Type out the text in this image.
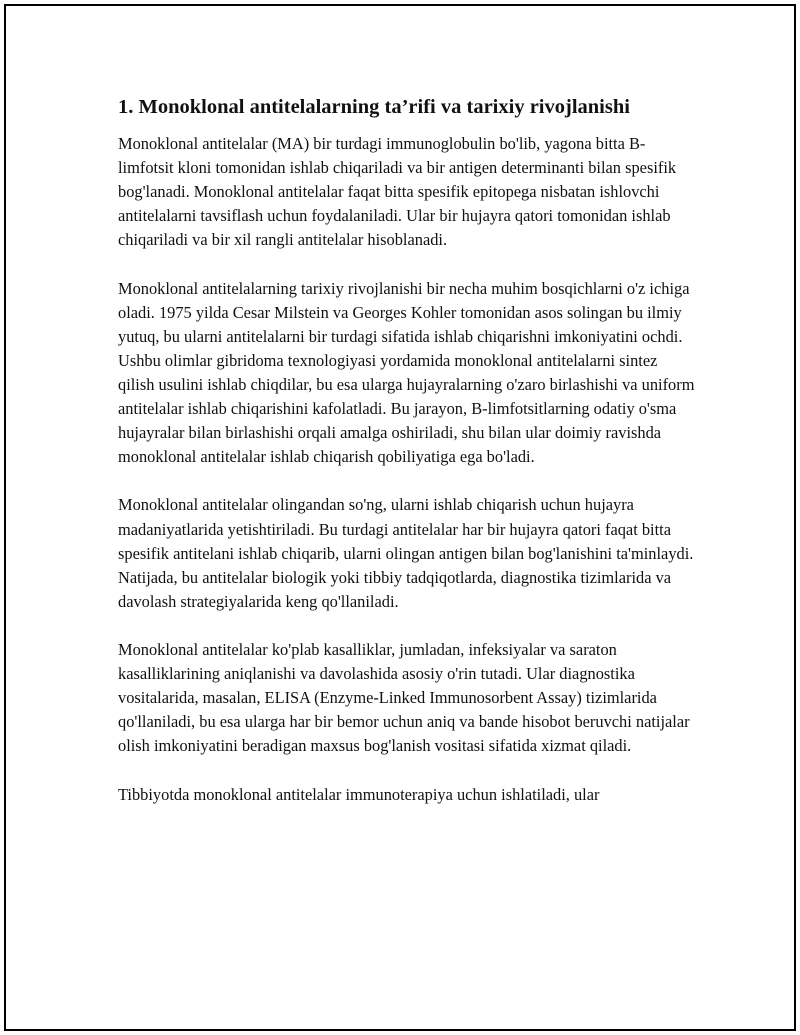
1. Monoklonal antitelalarning ta’rifi va tarixiy rivojlanishi

Monoklonal antitelalar (MA) bir turdagi immunoglobulin bo'lib, yagona bitta B-limfotsit kloni tomonidan ishlab chiqariladi va bir antigen determinanti bilan spesifik bog'lanadi. Monoklonal antitelalar faqat bitta spesifik epitopega nisbatan ishlovchi antitelalarni tavsiflash uchun foydalaniladi. Ular bir hujayra qatori tomonidan ishlab chiqariladi va bir xil rangli antitelalar hisoblanadi.

Monoklonal antitelalarning tarixiy rivojlanishi bir necha muhim bosqichlarni o'z ichiga oladi. 1975 yilda Cesar Milstein va Georges Kohler tomonidan asos solingan bu ilmiy yutuq, bu ularni antitelalarni bir turdagi sifatida ishlab chiqarishni imkoniyatini ochdi. Ushbu olimlar gibridoma texnologiyasi yordamida monoklonal antitelalarni sintez qilish usulini ishlab chiqdilar, bu esa ularga hujayralarning o'zaro birlashishi va uniform antitelalar ishlab chiqarishini kafolatladi. Bu jarayon, B-limfotsitlarning odatiy o'sma hujayralar bilan birlashishi orqali amalga oshiriladi, shu bilan ular doimiy ravishda monoklonal antitelalar ishlab chiqarish qobiliyatiga ega bo'ladi.

Monoklonal antitelalar olingandan so'ng, ularni ishlab chiqarish uchun hujayra madaniyatlarida yetishtiriladi. Bu turdagi antitelalar har bir hujayra qatori faqat bitta spesifik antitelani ishlab chiqarib, ularni olingan antigen bilan bog'lanishini ta'minlaydi. Natijada, bu antitelalar biologik yoki tibbiy tadqiqotlarda, diagnostika tizimlarida va davolash strategiyalarida keng qo'llaniladi.

Monoklonal antitelalar ko'plab kasalliklar, jumladan, infeksiyalar va saraton kasalliklarining aniqlanishi va davolashida asosiy o'rin tutadi. Ular diagnostika vositalarida, masalan, ELISA (Enzyme-Linked Immunosorbent Assay) tizimlarida qo'llaniladi, bu esa ularga har bir bemor uchun aniq va bande hisobot beruvchi natijalar olish imkoniyatini beradigan maxsus bog'lanish vositasi sifatida xizmat qiladi.

Tibbiyotda monoklonal antitelalar immunoterapiya uchun ishlatiladi, ular
